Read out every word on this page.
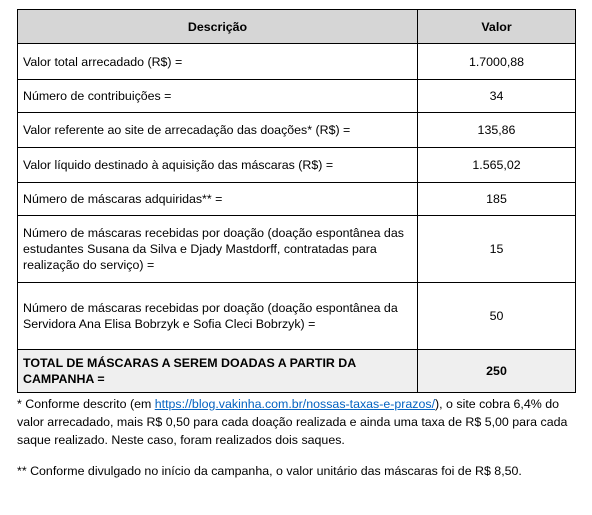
Descrição	Valor
Valor total arrecadado (R$) =	1.7000,88
Número de contribuições =	34
Valor referente ao site de arrecadação das doações* (R$) =	135,86
Valor líquido destinado à aquisição das máscaras (R$) =	1.565,02
Número de máscaras adquiridas** =	185
Número de máscaras recebidas por doação (doação espontânea das estudantes Susana da Silva e Djady Mastdorff, contratadas para realização do serviço) =	15
Número de máscaras recebidas por doação (doação espontânea da Servidora Ana Elisa Bobrzyk e Sofia Cleci Bobrzyk) =	50
TOTAL DE MÁSCARAS A SEREM DOADAS A PARTIR DA CAMPANHA =	250
* Conforme descrito (em https://blog.vakinha.com.br/nossas-taxas-e-prazos/), o site cobra 6,4% do valor arrecadado, mais R$ 0,50 para cada doação realizada e ainda uma taxa de R$ 5,00 para cada saque realizado. Neste caso, foram realizados dois saques.
** Conforme divulgado no início da campanha, o valor unitário das máscaras foi de R$ 8,50.
